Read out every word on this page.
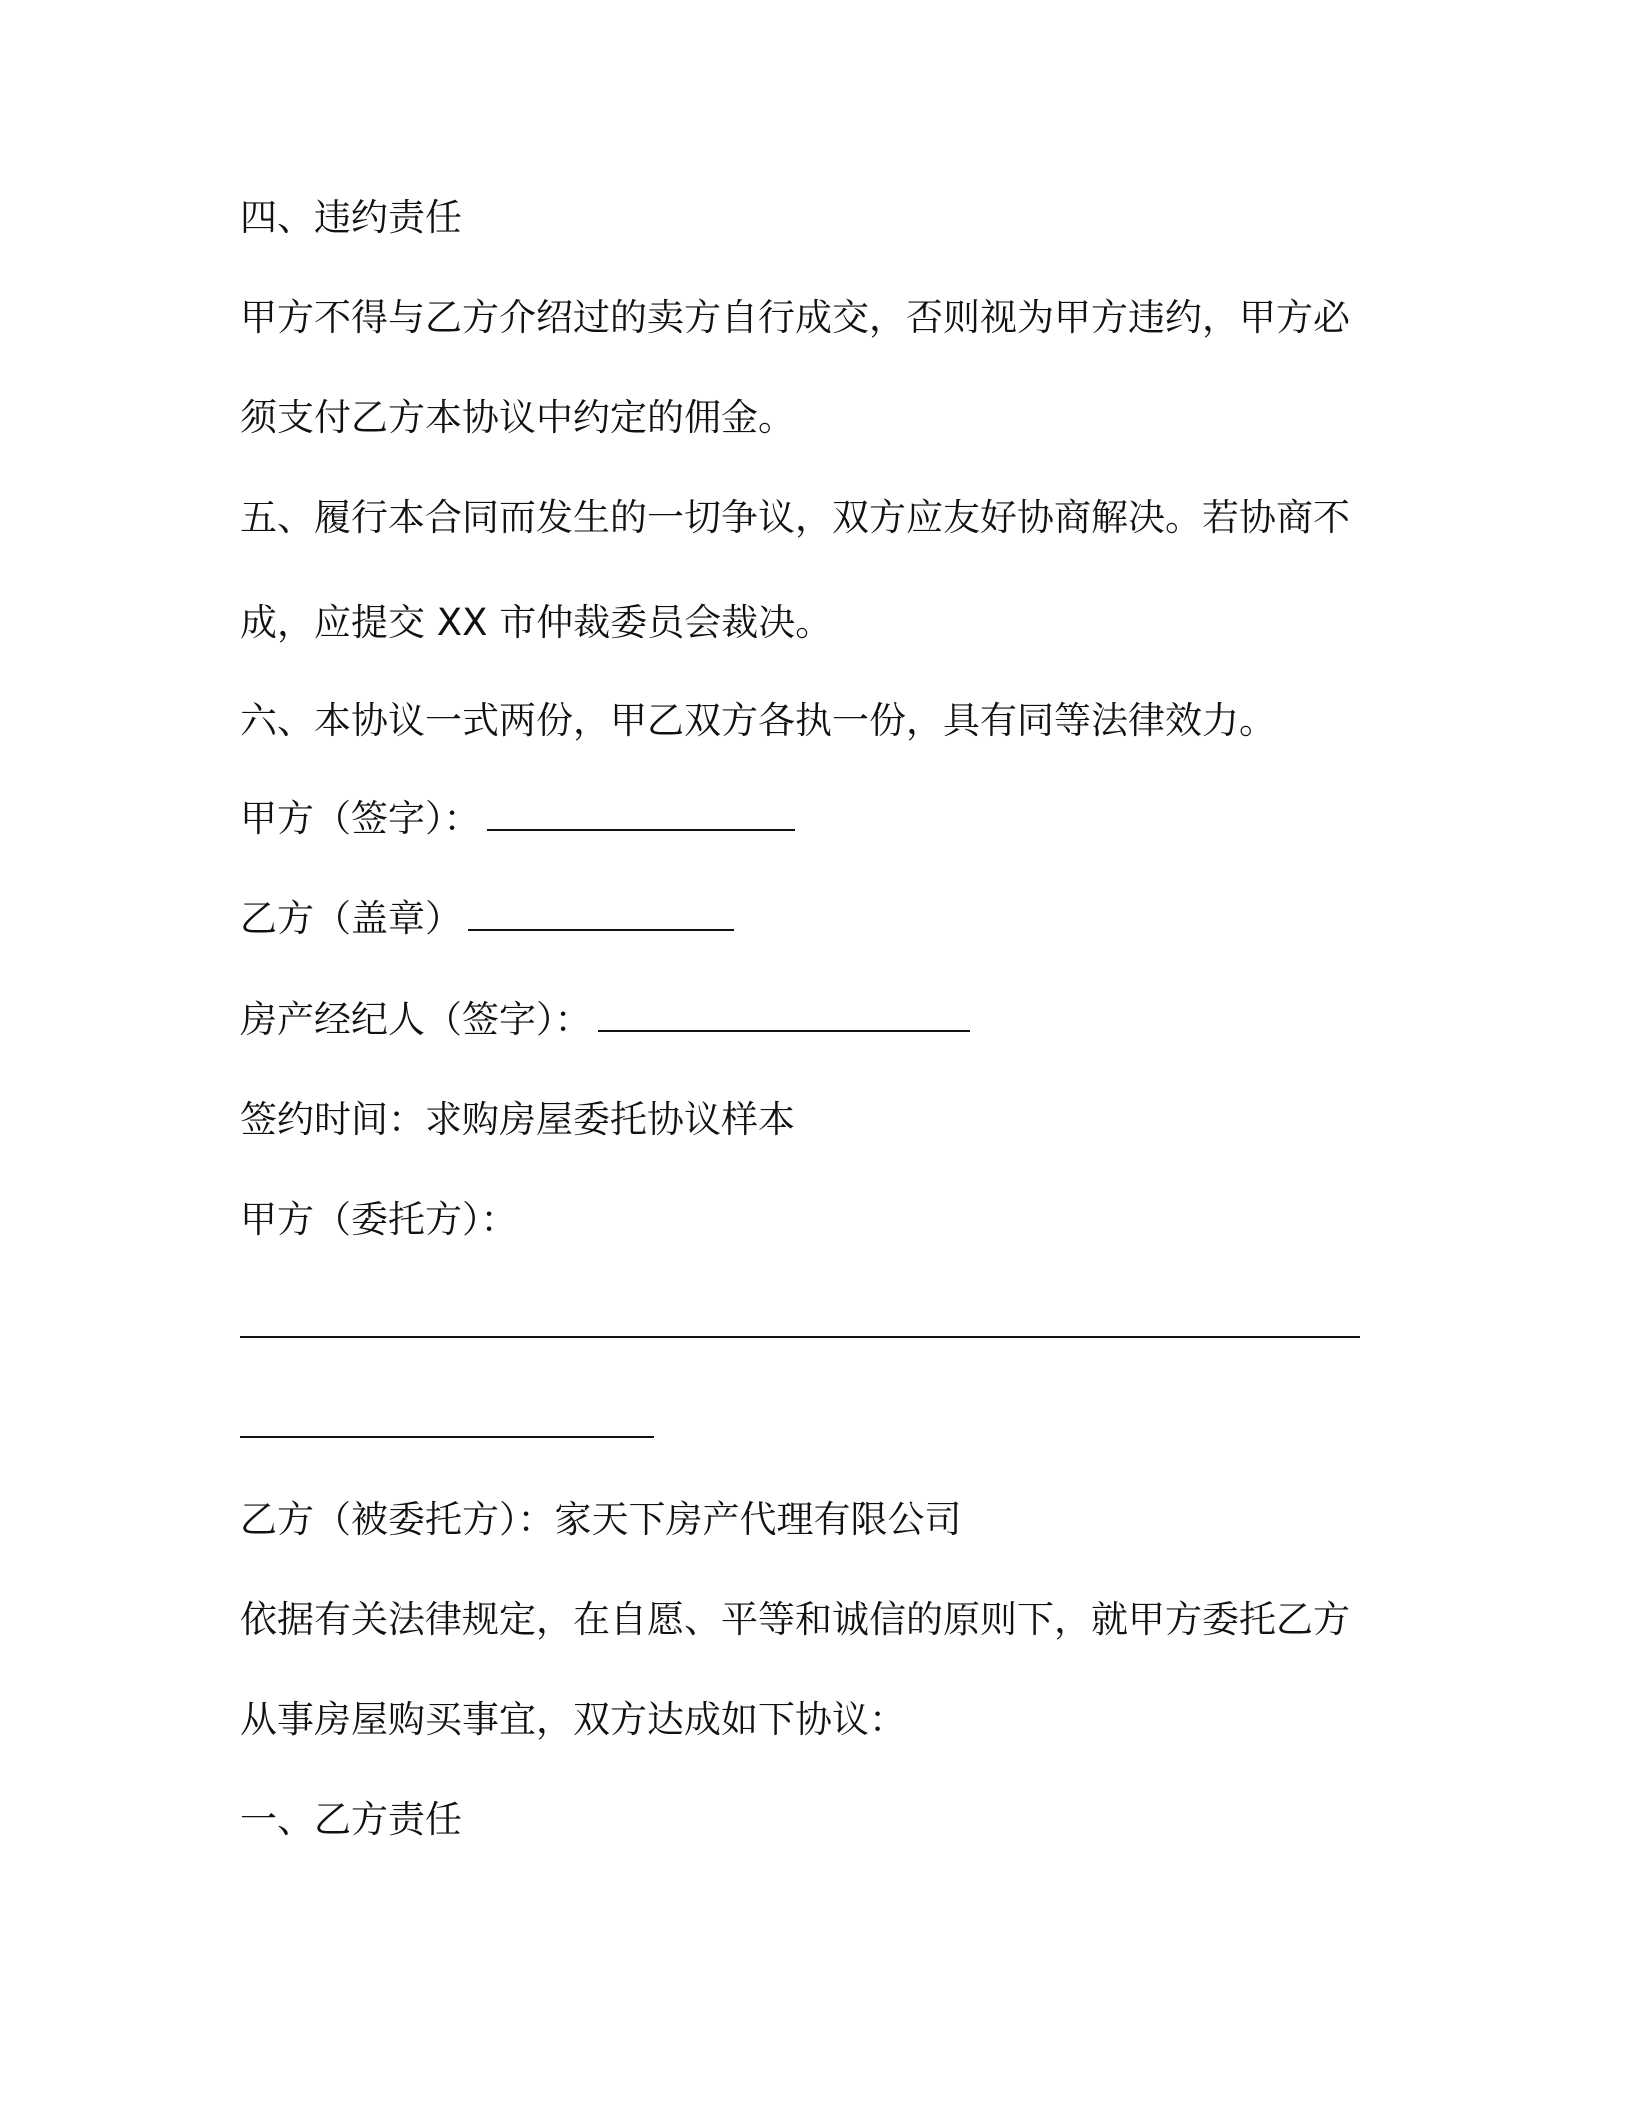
四、违约责任
甲方不得与乙方介绍过的卖方自行成交，否则视为甲方违约，甲方必
须支付乙方本协议中约定的佣金。
五、履行本合同而发生的一切争议，双方应友好协商解决。若协商不
成，应提交 XX 市仲裁委员会裁决。
六、本协议一式两份，甲乙双方各执一份，具有同等法律效力。
甲方（签字）：
乙方（盖章）
房产经纪人（签字）：
签约时间：求购房屋委托协议样本
甲方（委托方）：
乙方（被委托方）：家天下房产代理有限公司
依据有关法律规定，在自愿、平等和诚信的原则下，就甲方委托乙方
从事房屋购买事宜，双方达成如下协议：
一、乙方责任
